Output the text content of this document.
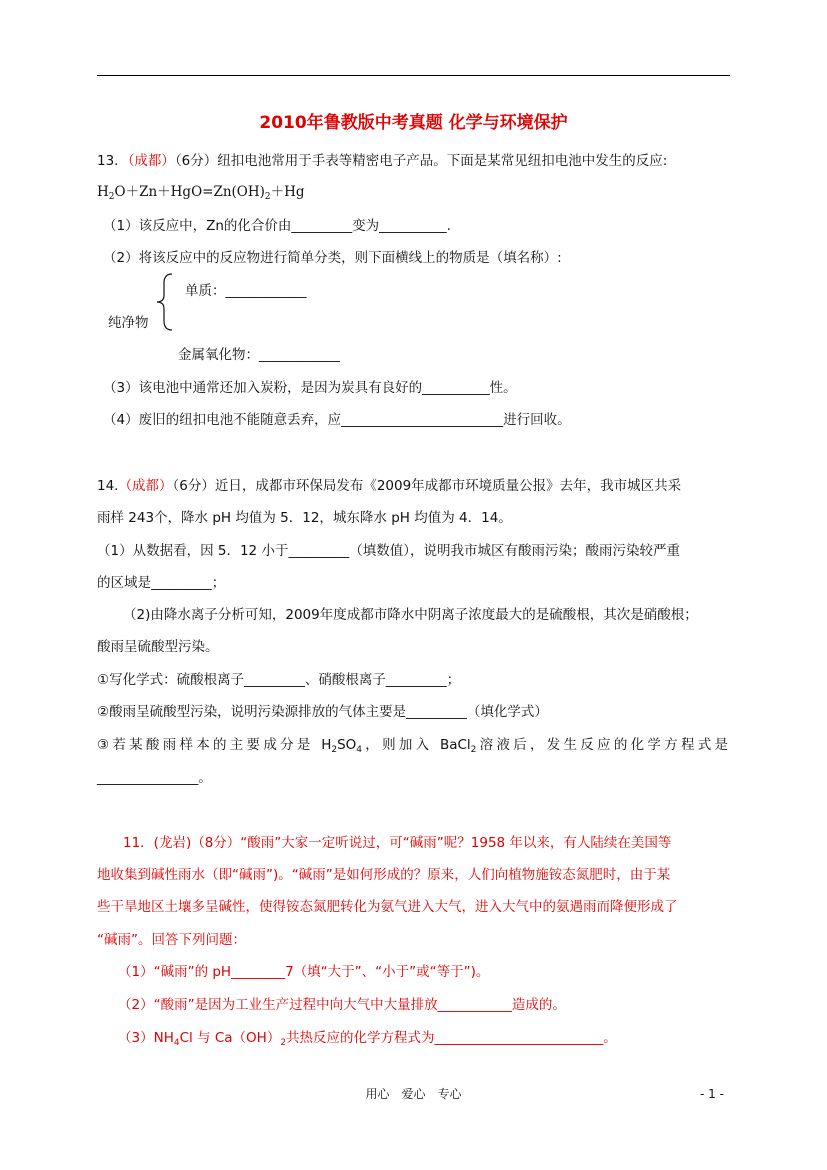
2010年鲁教版中考真题 化学与环境保护
13．（成都）（6分）纽扣电池常用于手表等精密电子产品。下面是某常见纽扣电池中发生的反应:
$H_2O+Zn+HgO=Zn(OH)_2+Hg$
（1）该反应中，Zn的化合价由_________变为__________.
（2）将该反应中的反应物进行简单分类，则下面横线上的物质是（填名称）:
单质：____________
纯净物
金属氧化物：____________
（3）该电池中通常还加入炭粉，是因为炭具有良好的__________性。
（4）废旧的纽扣电池不能随意丢弃，应________________________进行回收。
14.（成都）（6分）近日，成都市环保局发布《2009年成都市环境质量公报》去年，我市城区共采
雨样 243个，降水 pH 均值为 5．12，城东降水 pH 均值为 4．14。
（1）从数据看，因 5．12 小于_________（填数值），说明我市城区有酸雨污染；酸雨污染较严重
的区域是_________；
（2)由降水离子分析可知，2009年度成都市降水中阴离子浓度最大的是硫酸根，其次是硝酸根；
酸雨呈硫酸型污染。
①写化学式：硫酸根离子_________、硝酸根离子_________；
②酸雨呈硫酸型污染，说明污染源排放的气体主要是_________（填化学式）
③若某酸雨样本的主要成分是 $H_2SO_4$，则加入 BaCl$_2$溶液后，发生反应的化学方程式是
_______________。
11．(龙岩)（8分）“酸雨”大家一定听说过，可“碱雨”呢？1958 年以来，有人陆续在美国等
地收集到碱性雨水（即“碱雨”)。“碱雨”是如何形成的？原来，人们向植物施铵态氮肥时，由于某
些干旱地区土壤多呈碱性，使得铵态氮肥转化为氨气进入大气，进入大气中的氨遇雨而降便形成了
“碱雨”。回答下列问题：
（1）“碱雨”的 pH________7（填“大于”、“小于”或“等于”)。
（2）“酸雨”是因为工业生产过程中向大气中大量排放___________造成的。
$(3)NH_4Cl$ 与 $Ca(OH)_2$共热反应的化学方程式为_________________________。
用心　爱心　专心	- 1 -
